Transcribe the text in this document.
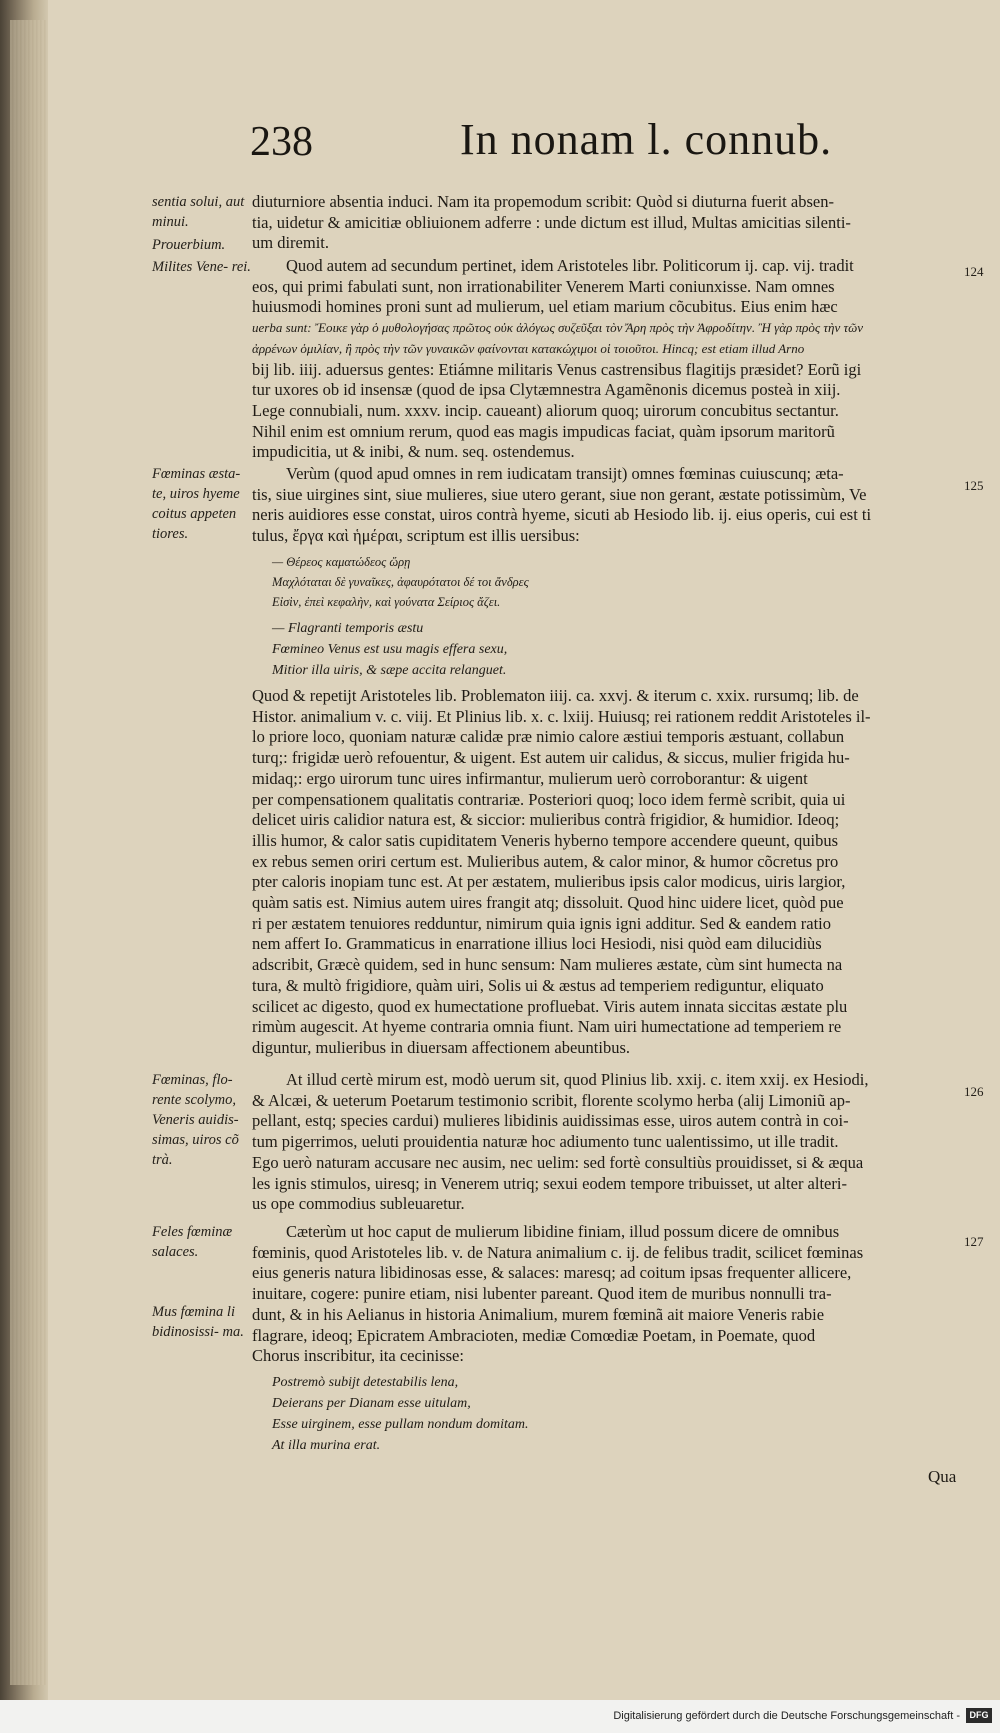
238	In nonam l. connub.
sentia solui, aut minui.
Prouerbium.
Milites Vene- rei.
Fœminas æsta- te, uiros hyeme coitus appeten tiores.
Fœminas, flo- rente scolymo, Veneris auidis- simas, uiros cõ trà.
Feles fœminæ salaces.
Mus fœmina li bidinosissi- ma.
124
125
126
127
diuturniore absentia induci. Nam ita propemodum scribit: Quòd si diuturna fuerit absen-
tia, uidetur & amicitiæ obliuionem adferre : unde dictum est illud, Multas amicitias silenti-
um diremit.
Quod autem ad secundum pertinet, idem Aristoteles libr. Politicorum ij. cap. vij. tradit
eos, qui primi fabulati sunt, non irrationabiliter Venerem Marti coniunxisse. Nam omnes
huiusmodi homines proni sunt ad mulierum, uel etiam marium cõcubitus. Eius enim hæc
uerba sunt: Ἔοικε γὰρ ὁ μυθολογήσας πρῶτος οὐκ ἀλόγως συζεῦξαι τὸν Ἄρη πρὸς τὴν Ἀφροδίτην. Ἢ γὰρ πρὸς τὴν τῶν
ἀρρένων ὁμιλίαν, ἢ πρὸς τὴν τῶν γυναικῶν φαίνονται κατακώχιμοι οἱ τοιοῦτοι. Hincq; est etiam illud Arno
bij lib. iiij. aduersus gentes: Etiámne militaris Venus castrensibus flagitijs præsidet? Eorũ igi
tur uxores ob id insensæ (quod de ipsa Clytæmnestra Agamẽnonis dicemus posteà in xiij.
Lege connubiali, num. xxxv. incip. caueant) aliorum quoq; uirorum concubitus sectantur.
Nihil enim est omnium rerum, quod eas magis impudicas faciat, quàm ipsorum maritorũ
impudicitia, ut & inibi, & num. seq. ostendemus.
Verùm (quod apud omnes in rem iudicatam transijt) omnes fœminas cuiuscunq; æta-
tis, siue uirgines sint, siue mulieres, siue utero gerant, siue non gerant, æstate potissimùm, Ve
neris auidiores esse constat, uiros contrà hyeme, sicuti ab Hesiodo lib. ij. eius operis, cui est ti
tulus, ἔργα καὶ ἡμέραι, scriptum est illis uersibus:
— Θέρεος καματώδεος ὥρῃ
Μαχλόταται δὲ γυναῖκες, ἀφαυρότατοι δέ τοι ἄνδρες
Εἰσὶν, ἐπεὶ κεφαλὴν, καὶ γούνατα Σείριος ἄζει.
— Flagranti temporis æstu
Fœmineo Venus est usu magis effera sexu,
Mitior illa uiris, & sæpe accita relanguet.
Quod & repetijt Aristoteles lib. Problematon iiij. ca. xxvj. & iterum c. xxix. rursumq; lib. de
Histor. animalium v. c. viij. Et Plinius lib. x. c. lxiij. Huiusq; rei rationem reddit Aristoteles il-
lo priore loco, quoniam naturæ calidæ præ nimio calore æstiui temporis æstuant, collabun
turq;: frigidæ uerò refouentur, & uigent. Est autem uir calidus, & siccus, mulier frigida hu-
midaq;: ergo uirorum tunc uires infirmantur, mulierum uerò corroborantur: & uigent
per compensationem qualitatis contrariæ. Posteriori quoq; loco idem fermè scribit, quia ui
delicet uiris calidior natura est, & siccior: mulieribus contrà frigidior, & humidior. Ideoq;
illis humor, & calor satis cupiditatem Veneris hyberno tempore accendere queunt, quibus
ex rebus semen oriri certum est. Mulieribus autem, & calor minor, & humor cõcretus pro
pter caloris inopiam tunc est. At per æstatem, mulieribus ipsis calor modicus, uiris largior,
quàm satis est. Nimius autem uires frangit atq; dissoluit. Quod hinc uidere licet, quòd pue
ri per æstatem tenuiores redduntur, nimirum quia ignis igni additur. Sed & eandem ratio
nem affert Io. Grammaticus in enarratione illius loci Hesiodi, nisi quòd eam dilucidiùs
adscribit, Græcè quidem, sed in hunc sensum: Nam mulieres æstate, cùm sint humecta na
tura, & multò frigidiore, quàm uiri, Solis ui & æstus ad temperiem rediguntur, eliquato
scilicet ac digesto, quod ex humectatione profluebat. Viris autem innata siccitas æstate plu
rimùm augescit. At hyeme contraria omnia fiunt. Nam uiri humectatione ad temperiem re
diguntur, mulieribus in diuersam affectionem abeuntibus.
At illud certè mirum est, modò uerum sit, quod Plinius lib. xxij. c. item xxij. ex Hesiodi,
& Alcæi, & ueterum Poetarum testimonio scribit, florente scolymo herba (alij Limoniũ ap-
pellant, estq; species cardui) mulieres libidinis auidissimas esse, uiros autem contrà in coi-
tum pigerrimos, ueluti prouidentia naturæ hoc adiumento tunc ualentissimo, ut ille tradit.
Ego uerò naturam accusare nec ausim, nec uelim: sed fortè consultiùs prouidisset, si & æqua
les ignis stimulos, uiresq; in Venerem utriq; sexui eodem tempore tribuisset, ut alter alteri-
us ope commodius subleuaretur.
Cæterùm ut hoc caput de mulierum libidine finiam, illud possum dicere de omnibus
fœminis, quod Aristoteles lib. v. de Natura animalium c. ij. de felibus tradit, scilicet fœminas
eius generis natura libidinosas esse, & salaces: maresq; ad coitum ipsas frequenter allicere,
inuitare, cogere: punire etiam, nisi lubenter pareant. Quod item de muribus nonnulli tra-
dunt, & in his Aelianus in historia Animalium, murem fœminã ait maiore Veneris rabie
flagrare, ideoq; Epicratem Ambracioten, mediæ Comœdiæ Poetam, in Poemate, quod
Chorus inscribitur, ita cecinisse:
Postremò subijt detestabilis lena,
Deierans per Dianam esse uitulam,
Esse uirginem, esse pullam nondum domitam.
At illa murina erat.
Qua
Digitalisierung gefördert durch die Deutsche Forschungsgemeinschaft -	DFG
